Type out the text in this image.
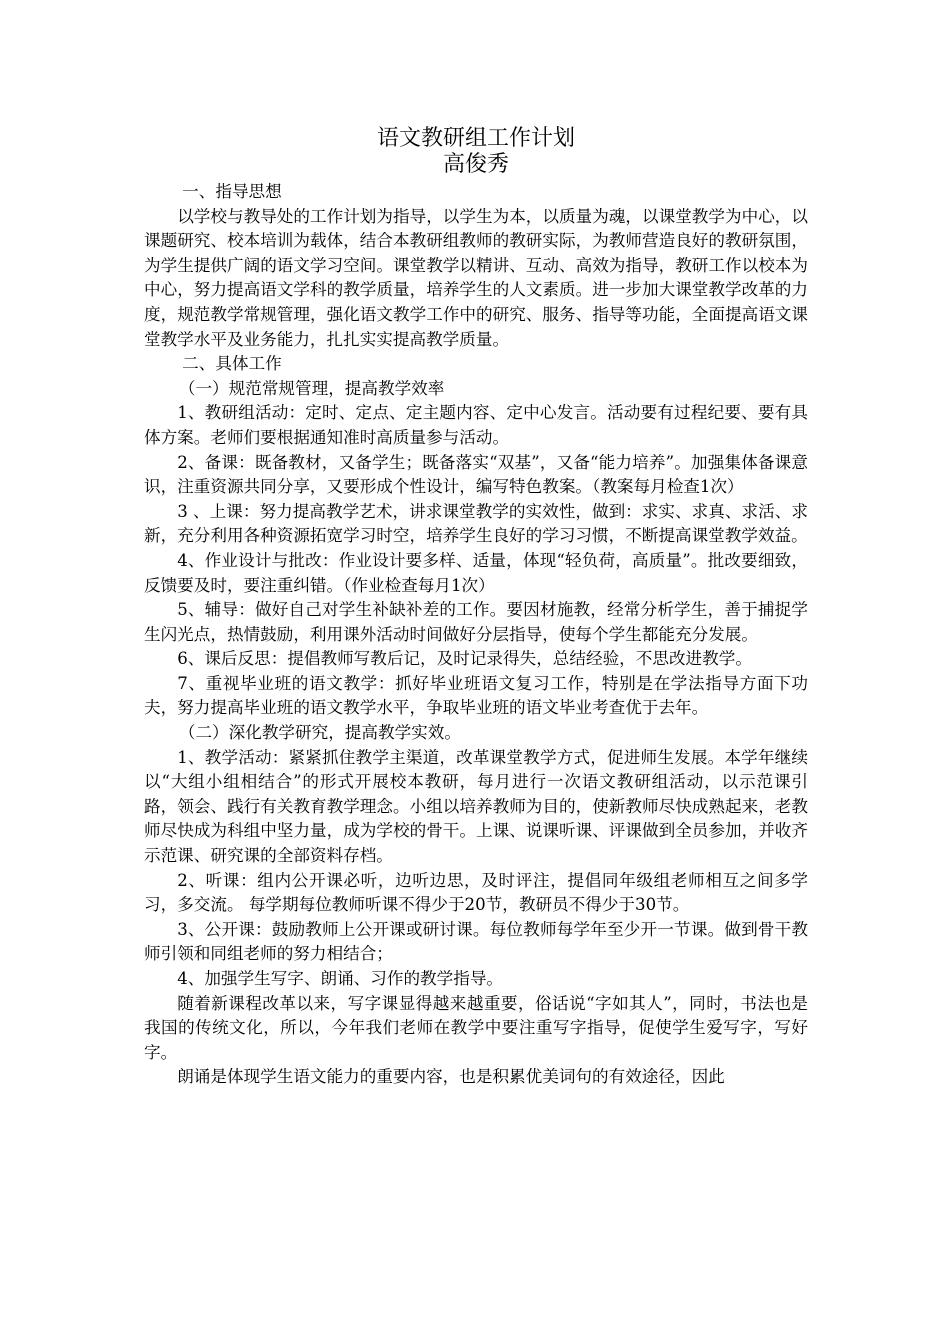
语文教研组工作计划
高俊秀
一、指导思想

以学校与教导处的工作计划为指导，以学生为本，以质量为魂，以课堂教学为中心，以课题研究、校本培训为载体，结合本教研组教师的教研实际，为教师营造良好的教研氛围，为学生提供广阔的语文学习空间。课堂教学以精讲、互动、高效为指导，教研工作以校本为中心，努力提高语文学科的教学质量，培养学生的人文素质。进一步加大课堂教学改革的力度，规范教学常规管理，强化语文教学工作中的研究、服务、指导等功能，全面提高语文课堂教学水平及业务能力，扎扎实实提高教学质量。

二、具体工作
（一）规范常规管理，提高教学效率

1、教研组活动：定时、定点、定主题内容、定中心发言。活动要有过程纪要、要有具体方案。老师们要根据通知准时高质量参与活动。

2、备课：既备教材，又备学生；既备落实“双基”，又备“能力培养”。加强集体备课意识，注重资源共同分享，又要形成个性设计，编写特色教案。（教案每月检查1次）

3 、上课：努力提高教学艺术，讲求课堂教学的实效性，做到：求实、求真、求活、求新，充分利用各种资源拓宽学习时空，培养学生良好的学习习惯，不断提高课堂教学效益。

4、作业设计与批改：作业设计要多样、适量，体现“轻负荷，高质量”。批改要细致，反馈要及时，要注重纠错。（作业检查每月1次）

5、辅导：做好自己对学生补缺补差的工作。要因材施教，经常分析学生，善于捕捉学生闪光点，热情鼓励，利用课外活动时间做好分层指导，使每个学生都能充分发展。

6、课后反思：提倡教师写教后记，及时记录得失，总结经验，不思改进教学。

7、重视毕业班的语文教学：抓好毕业班语文复习工作，特别是在学法指导方面下功夫，努力提高毕业班的语文教学水平，争取毕业班的语文毕业考查优于去年。

（二）深化教学研究，提高教学实效。

1、教学活动：紧紧抓住教学主渠道，改革课堂教学方式，促进师生发展。本学年继续以“大组小组相结合”的形式开展校本教研，每月进行一次语文教研组活动，以示范课引路，领会、践行有关教育教学理念。小组以培养教师为目的，使新教师尽快成熟起来，老教师尽快成为科组中坚力量，成为学校的骨干。上课、说课听课、评课做到全员参加，并收齐示范课、研究课的全部资料存档。

2、听课：组内公开课必听，边听边思，及时评注，提倡同年级组老师相互之间多学习，多交流。 每学期每位教师听课不得少于20节，教研员不得少于30节。

3、公开课：鼓励教师上公开课或研讨课。每位教师每学年至少开一节课。做到骨干教师引领和同组老师的努力相结合；

4、加强学生写字、朗诵、习作的教学指导。

随着新课程改革以来，写字课显得越来越重要，俗话说“字如其人”，同时，书法也是我国的传统文化，所以，今年我们老师在教学中要注重写字指导，促使学生爱写字，写好字。

朗诵是体现学生语文能力的重要内容，也是积累优美词句的有效途径，因此
